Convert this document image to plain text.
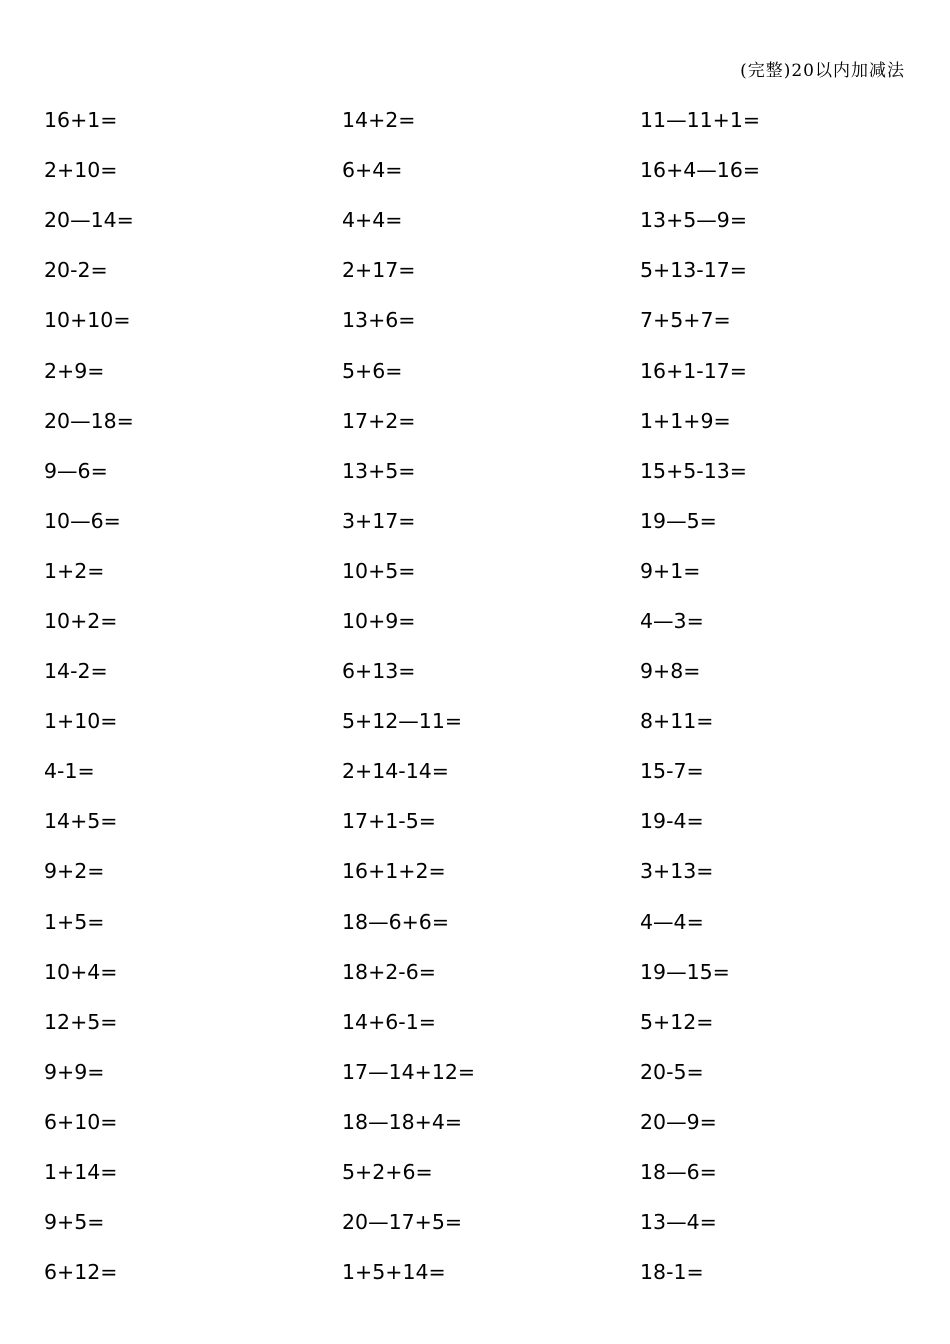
(完整)20以内加减法
16+1=	14+2=	11—11+1=
2+10=	6+4=	16+4—16=
20—14=	4+4=	13+5—9=
20-2=	2+17=	5+13-17=
10+10=	13+6=	7+5+7=
2+9=	5+6=	16+1-17=
20—18=	17+2=	1+1+9=
9—6=	13+5=	15+5-13=
10—6=	3+17=	19—5=
1+2=	10+5=	9+1=
10+2=	10+9=	4—3=
14-2=	6+13=	9+8=
1+10=	5+12—11=	8+11=
4-1=	2+14-14=	15-7=
14+5=	17+1-5=	19-4=
9+2=	16+1+2=	3+13=
1+5=	18—6+6=	4—4=
10+4=	18+2-6=	19—15=
12+5=	14+6-1=	5+12=
9+9=	17—14+12=	20-5=
6+10=	18—18+4=	20—9=
1+14=	5+2+6=	18—6=
9+5=	20—17+5=	13—4=
6+12=	1+5+14=	18-1=
